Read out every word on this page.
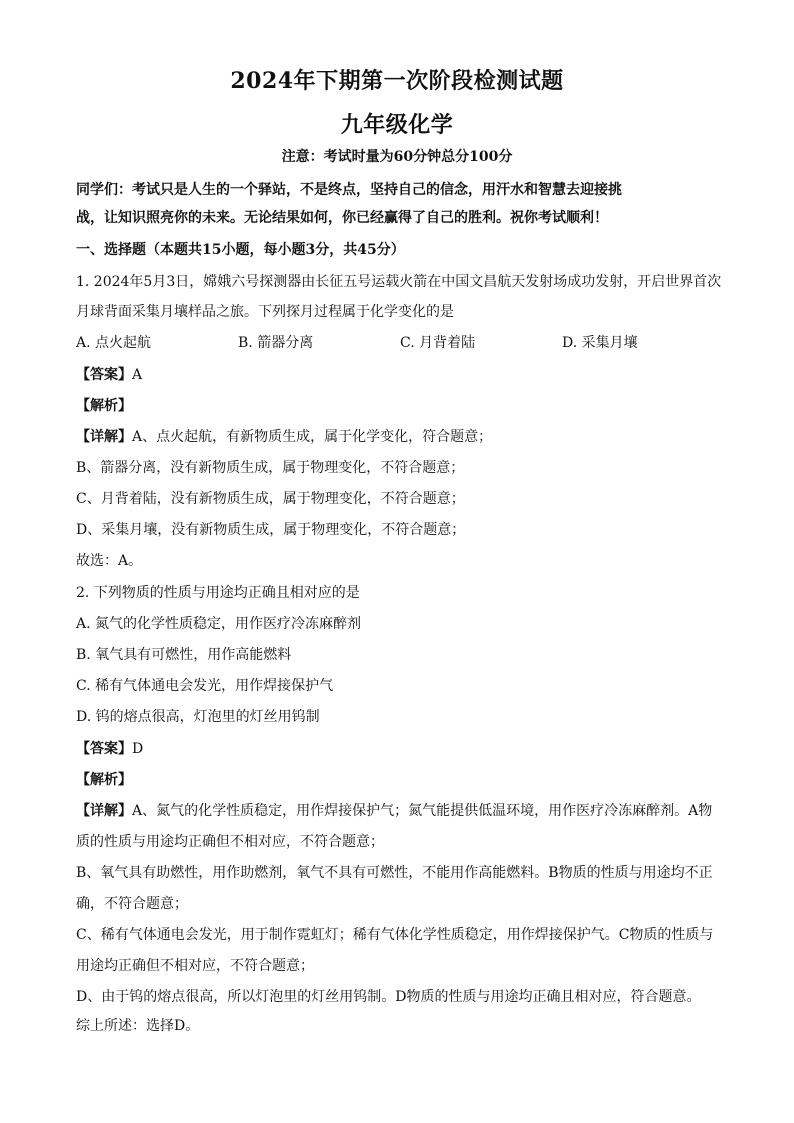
2024年下期第一次阶段检测试题
九年级化学
注意：考试时量为60分钟总分100分
同学们：考试只是人生的一个驿站，不是终点，坚持自己的信念，用汗水和智慧去迎接挑
战，让知识照亮你的未来。无论结果如何，你已经赢得了自己的胜利。祝你考试顺利！
一、选择题（本题共15小题，每小题3分，共45分）
1. 2024年5月3日，嫦娥六号探测器由长征五号运载火箭在中国文昌航天发射场成功发射，开启世界首次
月球背面采集月壤样品之旅。下列探月过程属于化学变化的是
A. 点火起航	B. 箭器分离	C. 月背着陆	D. 采集月壤
【答案】A
【解析】
【详解】A、点火起航，有新物质生成，属于化学变化，符合题意；
B、箭器分离，没有新物质生成，属于物理变化，不符合题意；
C、月背着陆，没有新物质生成，属于物理变化，不符合题意；
D、采集月壤，没有新物质生成，属于物理变化，不符合题意；
故选：A。
2. 下列物质的性质与用途均正确且相对应的是
A. 氮气的化学性质稳定，用作医疗冷冻麻醉剂
B. 氧气具有可燃性，用作高能燃料
C. 稀有气体通电会发光，用作焊接保护气
D. 钨的熔点很高，灯泡里的灯丝用钨制
【答案】D
【解析】
【详解】A、氮气的化学性质稳定，用作焊接保护气；氮气能提供低温环境，用作医疗冷冻麻醉剂。A物
质的性质与用途均正确但不相对应，不符合题意；
B、氧气具有助燃性，用作助燃剂，氧气不具有可燃性，不能用作高能燃料。B物质的性质与用途均不正
确，不符合题意；
C、稀有气体通电会发光，用于制作霓虹灯；稀有气体化学性质稳定，用作焊接保护气。C物质的性质与
用途均正确但不相对应，不符合题意；
D、由于钨的熔点很高，所以灯泡里的灯丝用钨制。D物质的性质与用途均正确且相对应，符合题意。
综上所述：选择D。
